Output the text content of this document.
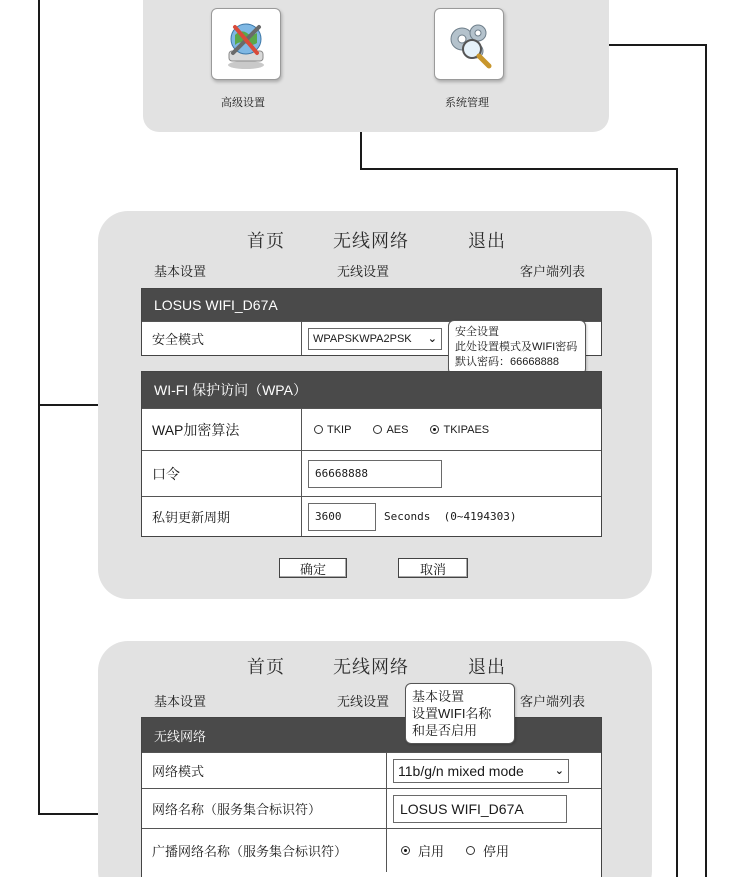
高级设置	系统管理
首页	无线网络	退出
基本设置	无线设置	客户端列表
LOSUS WIFI_D67A
安全模式	WPAPSKWPA2PSK ⌄
安全设置
此处设置模式及WIFI密码
默认密码：66668888
WI-FI 保护访问（WPA）
WAP加密算法	TKIP	AES	TKIPAES
口令	66668888
私钥更新周期	3600	Seconds  (0~4194303)
确定	取消
首页	无线网络	退出
基本设置	无线设置	客户端列表
无线网络
网络模式	11b/g/n mixed mode	⌄
网络名称（服务集合标识符）	LOSUS WIFI_D67A
广播网络名称（服务集合标识符）	启用	停用
基本设置
设置WIFI名称
和是否启用
